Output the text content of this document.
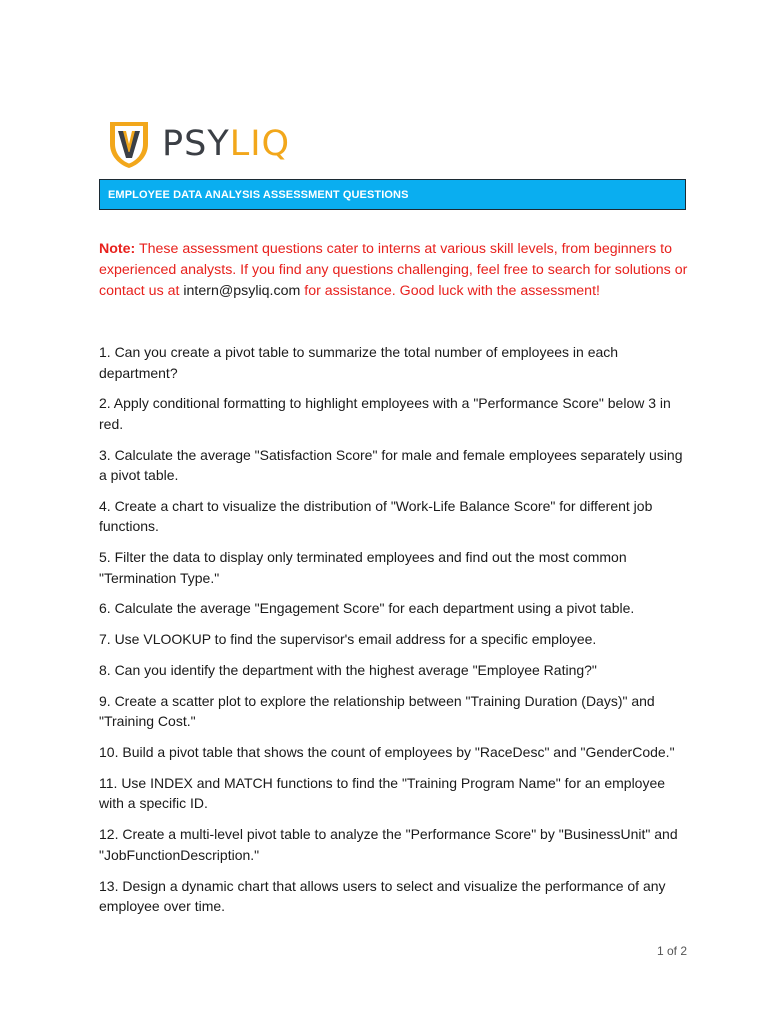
PSY LIQ
EMPLOYEE DATA ANALYSIS ASSESSMENT QUESTIONS
Note: These assessment questions cater to interns at various skill levels, from beginners to experienced analysts. If you find any questions challenging, feel free to search for solutions or contact us at intern@psyliq.com for assistance. Good luck with the assessment!
1. Can you create a pivot table to summarize the total number of employees in each department?
2. Apply conditional formatting to highlight employees with a "Performance Score" below 3 in red.
3. Calculate the average "Satisfaction Score" for male and female employees separately using a pivot table.
4. Create a chart to visualize the distribution of "Work-Life Balance Score" for different job functions.
5. Filter the data to display only terminated employees and find out the most common "Termination Type."
6. Calculate the average "Engagement Score" for each department using a pivot table.
7. Use VLOOKUP to find the supervisor's email address for a specific employee.
8. Can you identify the department with the highest average "Employee Rating?"
9. Create a scatter plot to explore the relationship between "Training Duration (Days)" and "Training Cost."
10. Build a pivot table that shows the count of employees by "RaceDesc" and "GenderCode."
11. Use INDEX and MATCH functions to find the "Training Program Name" for an employee with a specific ID.
12. Create a multi-level pivot table to analyze the "Performance Score" by "BusinessUnit" and "JobFunctionDescription."
13. Design a dynamic chart that allows users to select and visualize the performance of any employee over time.
1 of 2
